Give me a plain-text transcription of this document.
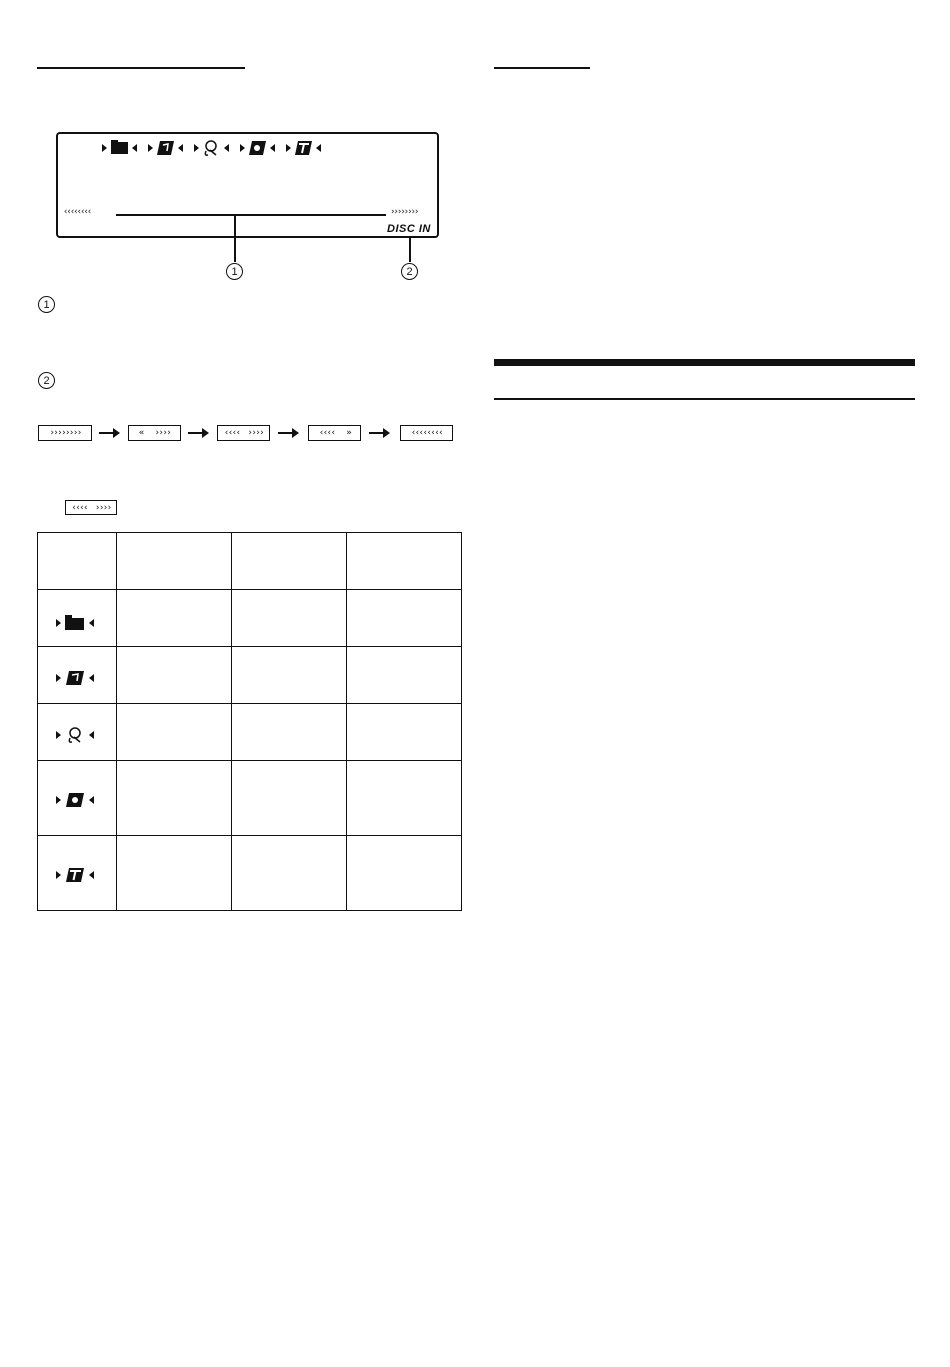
‹‹‹‹‹‹‹‹	››››››››
DISC IN
1	2
1
2
››››››››	«   ››››	‹‹‹‹  ››››	‹‹‹‹   »	‹‹‹‹‹‹‹‹
‹‹‹‹  ››››
